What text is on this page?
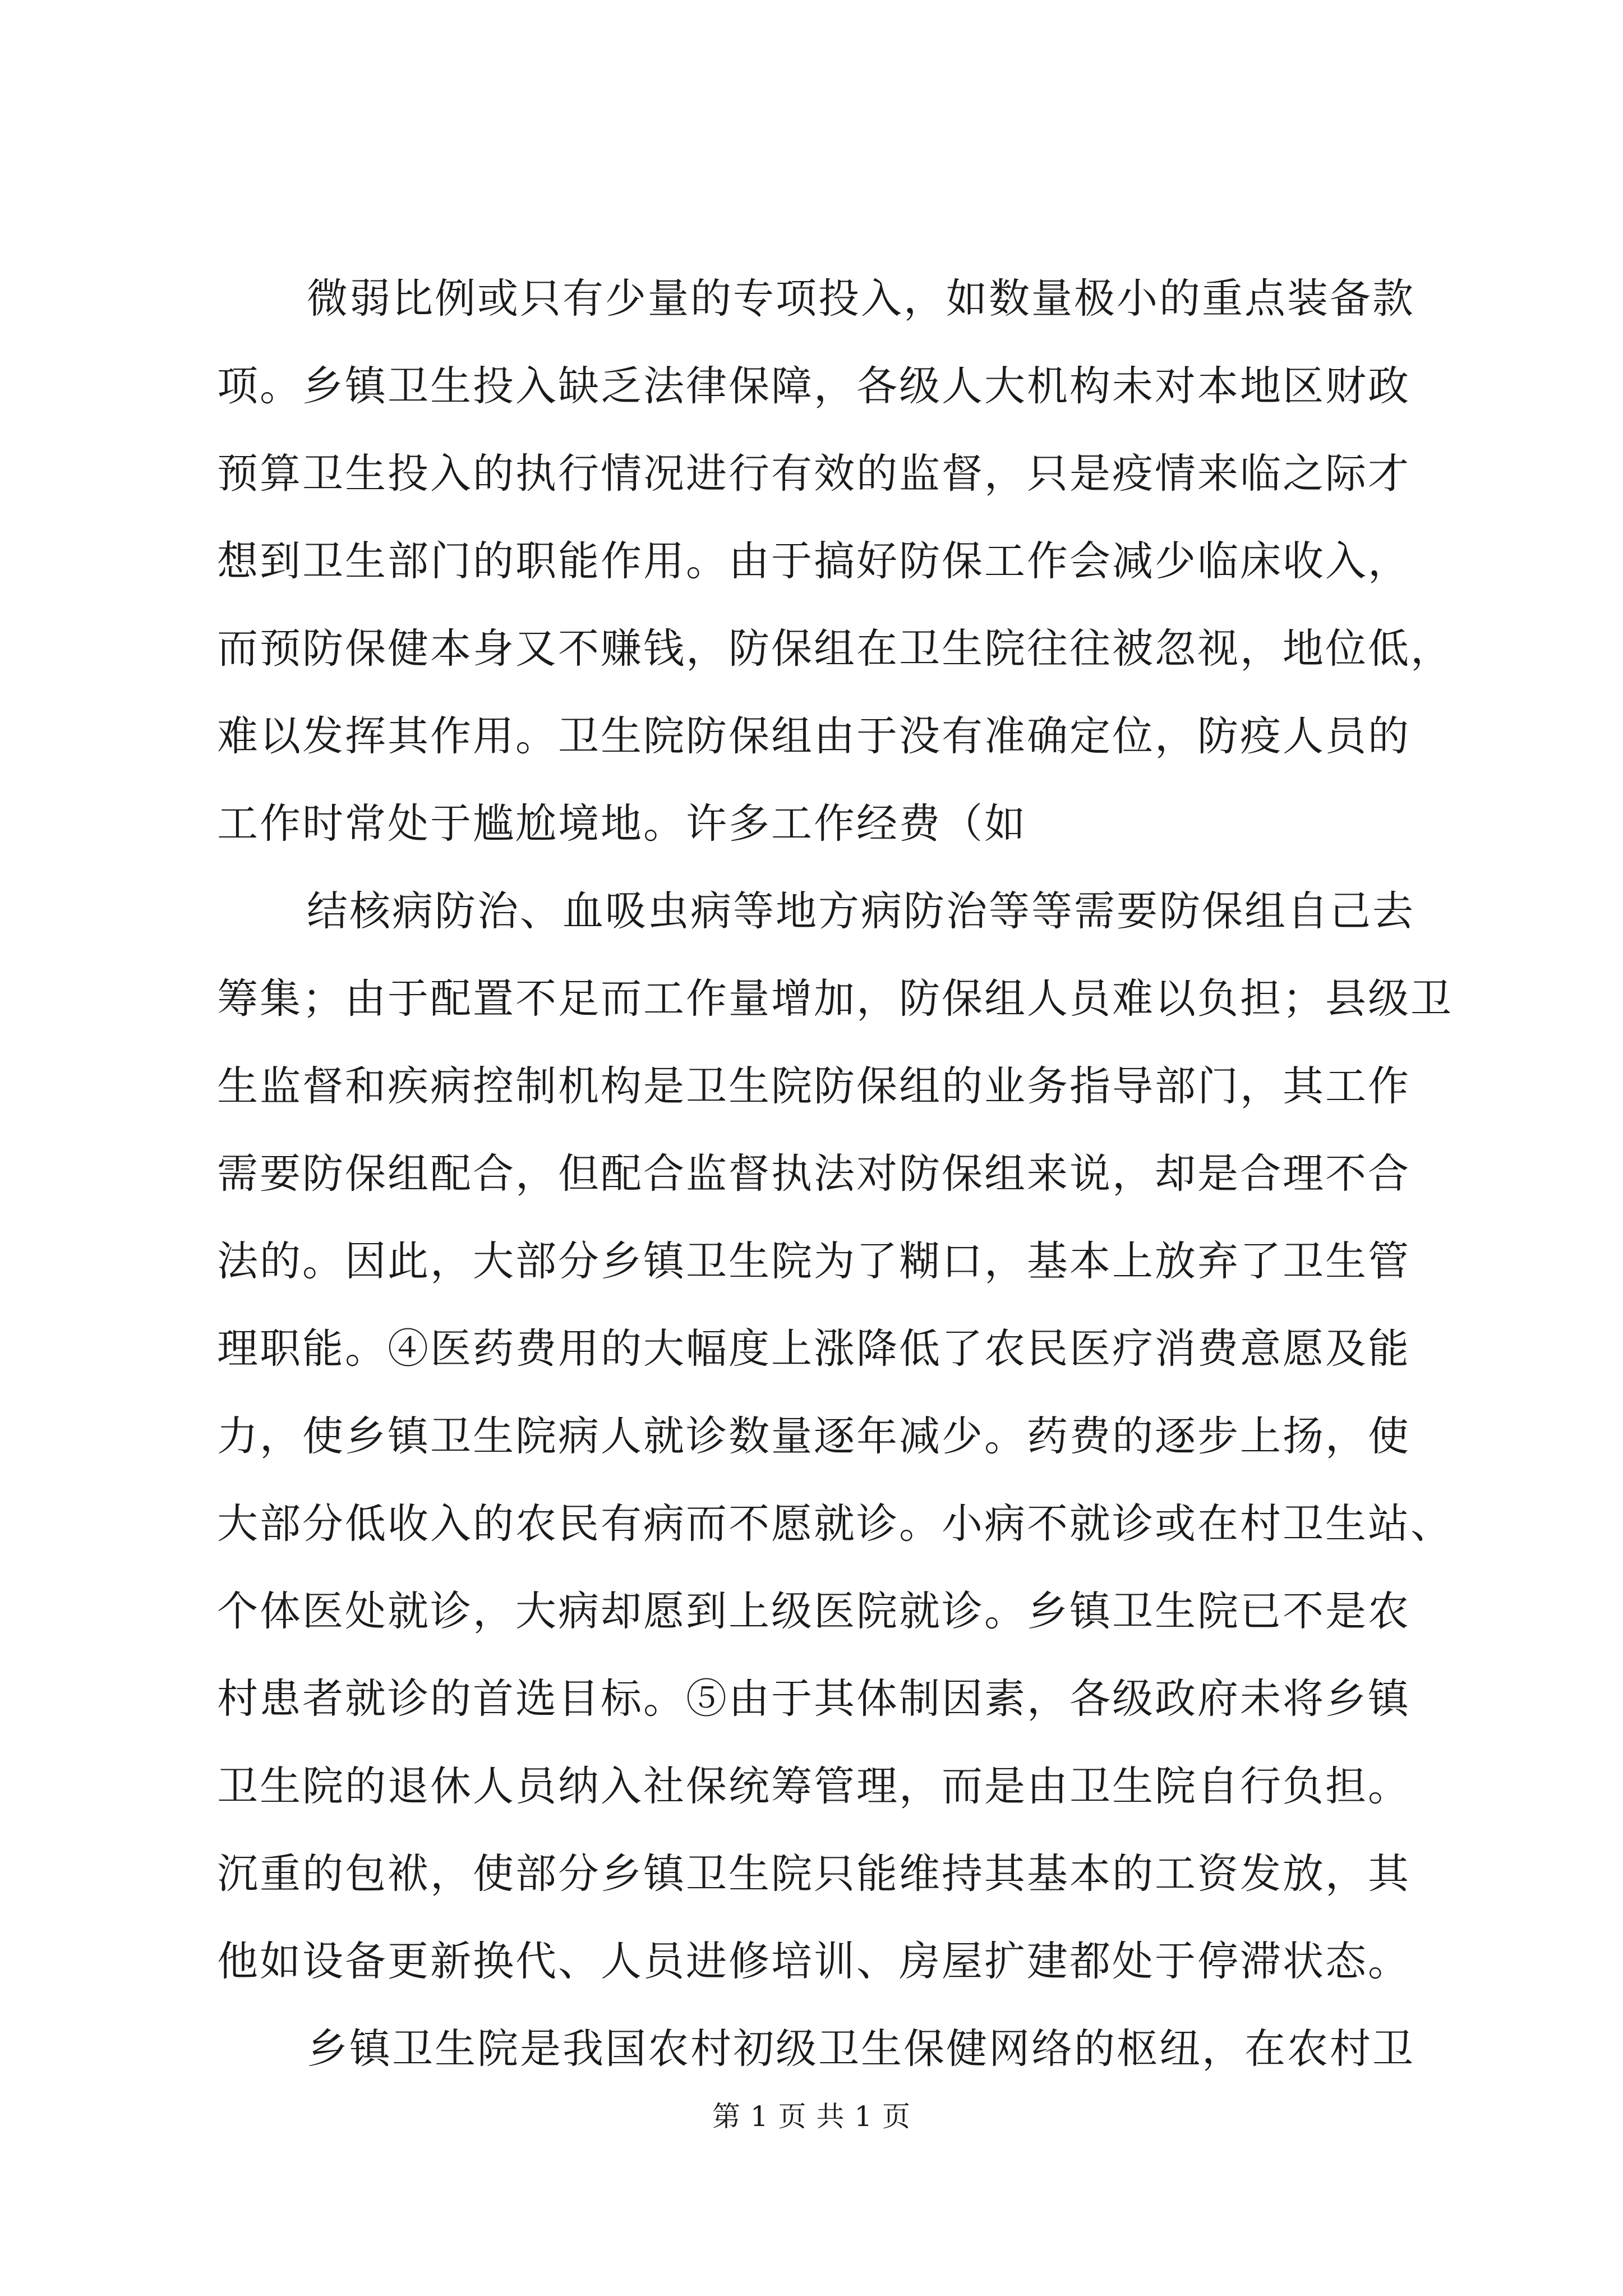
微弱比例或只有少量的专项投入，如数量极小的重点装备款
项。乡镇卫生投入缺乏法律保障，各级人大机构未对本地区财政
预算卫生投入的执行情况进行有效的监督，只是疫情来临之际才
想到卫生部门的职能作用。由于搞好防保工作会减少临床收入，
而预防保健本身又不赚钱，防保组在卫生院往往被忽视，地位低，
难以发挥其作用。卫生院防保组由于没有准确定位，防疫人员的
工作时常处于尴尬境地。许多工作经费（如
结核病防治、血吸虫病等地方病防治等等需要防保组自己去
筹集；由于配置不足而工作量增加，防保组人员难以负担；县级卫
生监督和疾病控制机构是卫生院防保组的业务指导部门，其工作
需要防保组配合，但配合监督执法对防保组来说，却是合理不合
法的。因此，大部分乡镇卫生院为了糊口，基本上放弃了卫生管
理职能。④医药费用的大幅度上涨降低了农民医疗消费意愿及能
力，使乡镇卫生院病人就诊数量逐年减少。药费的逐步上扬，使
大部分低收入的农民有病而不愿就诊。小病不就诊或在村卫生站、
个体医处就诊，大病却愿到上级医院就诊。乡镇卫生院已不是农
村患者就诊的首选目标。⑤由于其体制因素，各级政府未将乡镇
卫生院的退休人员纳入社保统筹管理，而是由卫生院自行负担。
沉重的包袱，使部分乡镇卫生院只能维持其基本的工资发放，其
他如设备更新换代、人员进修培训、房屋扩建都处于停滞状态。
乡镇卫生院是我国农村初级卫生保健网络的枢纽，在农村卫
第 1 页 共 1 页
